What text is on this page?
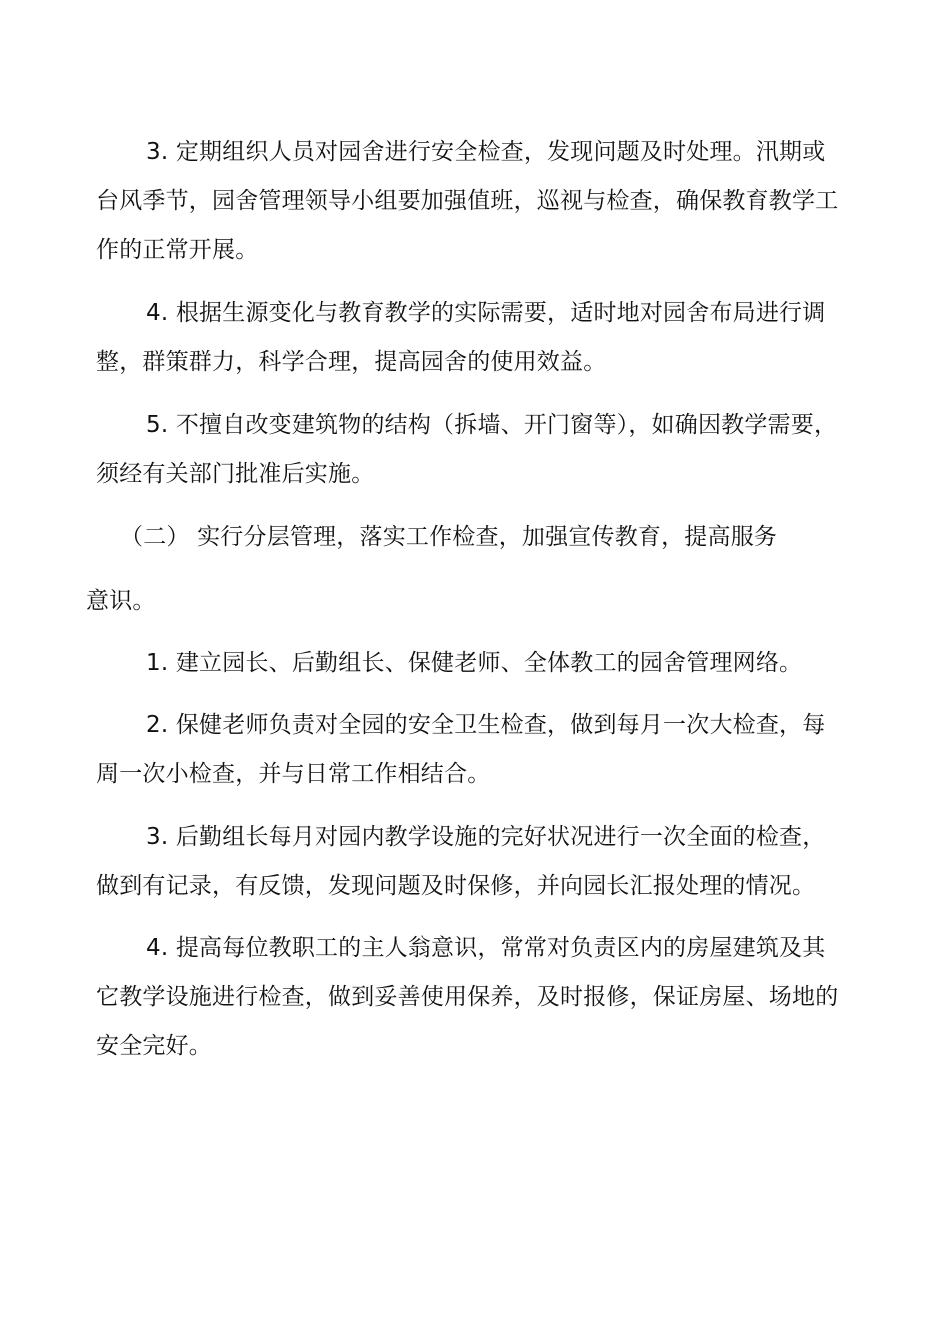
3. 定期组织人员对园舍进行安全检查，发现问题及时处理。汛期或
台风季节，园舍管理领导小组要加强值班，巡视与检查，确保教育教学工
作的正常开展。
4. 根据生源变化与教育教学的实际需要，适时地对园舍布局进行调
整，群策群力，科学合理，提高园舍的使用效益。
5. 不擅自改变建筑物的结构（拆墙、开门窗等），如确因教学需要，
须经有关部门批准后实施。
（二） 实行分层管理，落实工作检查，加强宣传教育，提高服务
意识。
1. 建立园长、后勤组长、保健老师、全体教工的园舍管理网络。
2. 保健老师负责对全园的安全卫生检查，做到每月一次大检查，每
周一次小检查，并与日常工作相结合。
3. 后勤组长每月对园内教学设施的完好状况进行一次全面的检查，
做到有记录，有反馈，发现问题及时保修，并向园长汇报处理的情况。
4. 提高每位教职工的主人翁意识，常常对负责区内的房屋建筑及其
它教学设施进行检查，做到妥善使用保养，及时报修，保证房屋、场地的
安全完好。
